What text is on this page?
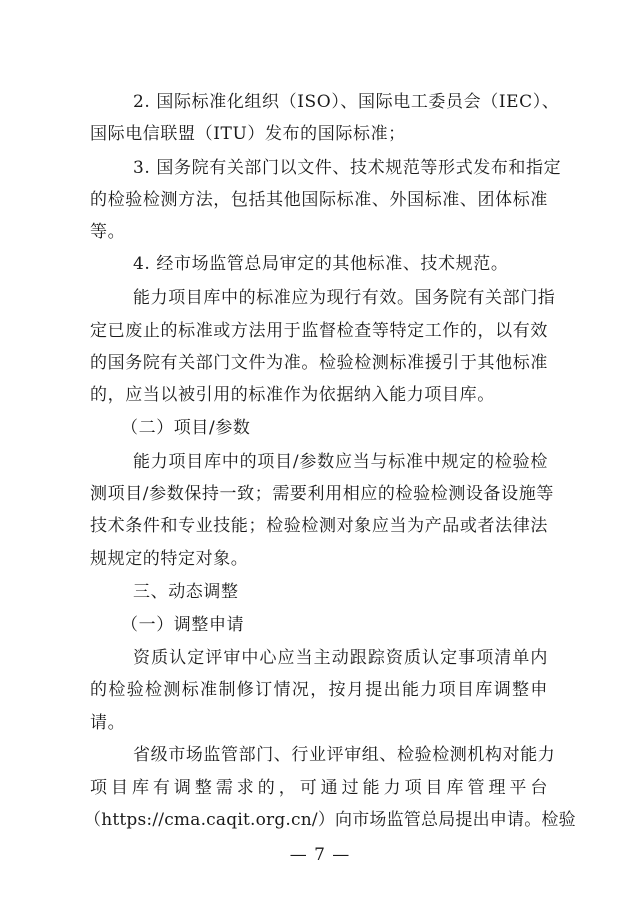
2. 国际标准化组织（ISO）、国际电工委员会（IEC）、
国际电信联盟（ITU）发布的国际标准；
3. 国务院有关部门以文件、技术规范等形式发布和指定
的检验检测方法，包括其他国际标准、外国标准、团体标准
等。
4. 经市场监管总局审定的其他标准、技术规范。
能力项目库中的标准应为现行有效。国务院有关部门指
定已废止的标准或方法用于监督检查等特定工作的，以有效
的国务院有关部门文件为准。检验检测标准援引于其他标准
的，应当以被引用的标准作为依据纳入能力项目库。
（二）项目/参数
能力项目库中的项目/参数应当与标准中规定的检验检
测项目/参数保持一致；需要利用相应的检验检测设备设施等
技术条件和专业技能；检验检测对象应当为产品或者法律法
规规定的特定对象。
三、动态调整
（一）调整申请
资质认定评审中心应当主动跟踪资质认定事项清单内
的检验检测标准制修订情况，按月提出能力项目库调整申
请。
省级市场监管部门、行业评审组、检验检测机构对能力
项目库有调整需求的，可通过能力项目库管理平台
（https://cma.caqit.org.cn/）向市场监管总局提出申请。检验
— 7 —
